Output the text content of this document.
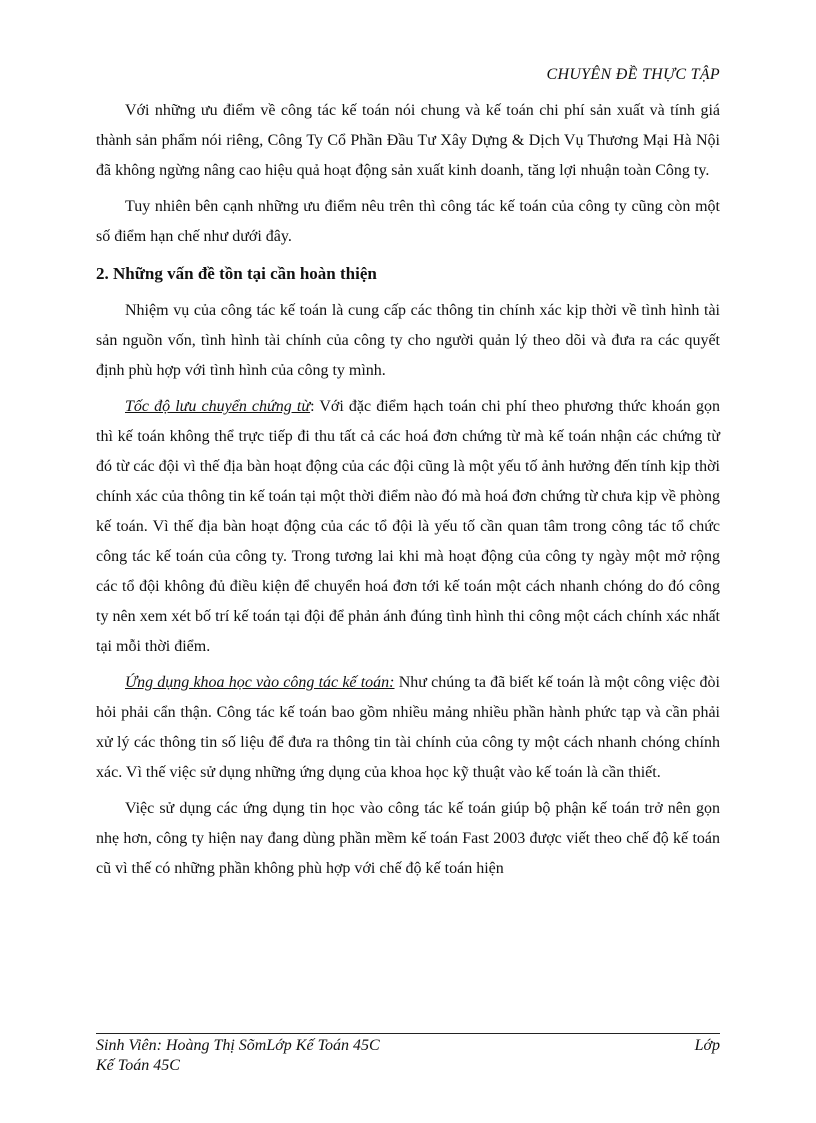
CHUYÊN ĐỀ THỰC TẬP

Với những ưu điểm về công tác kế toán nói chung và kế toán chi phí sản xuất và tính giá thành sản phẩm nói riêng, Công Ty Cổ Phần Đầu Tư Xây Dựng & Dịch Vụ Thương Mại Hà Nội đã không ngừng nâng cao hiệu quả hoạt động sản xuất kinh doanh, tăng lợi nhuận toàn Công ty.

Tuy nhiên bên cạnh những ưu điểm nêu trên thì công tác kế toán của công ty cũng còn một số điểm hạn chế như dưới đây.

2. Những vấn đề tồn tại cần hoàn thiện

Nhiệm vụ của công tác kế toán là cung cấp các thông tin chính xác kịp thời về tình hình tài sản nguồn vốn, tình hình tài chính của công ty cho người quản lý theo dõi và đưa ra các quyết định phù hợp với tình hình của công ty mình.

Tốc độ lưu chuyển chứng từ: Với đặc điểm hạch toán chi phí theo phương thức khoán gọn thì kế toán không thể trực tiếp đi thu tất cả các hoá đơn chứng từ mà kế toán nhận các chứng từ đó từ các đội vì thế địa bàn hoạt động của các đội cũng là một yếu tố ảnh hưởng đến tính kịp thời chính xác của thông tin kế toán tại một thời điểm nào đó mà hoá đơn chứng từ chưa kịp về phòng kế toán. Vì thế địa bàn hoạt động của các tổ đội là yếu tố cần quan tâm trong công tác tổ chức công tác kế toán của công ty. Trong tương lai khi mà hoạt động của công ty ngày một mở rộng các tổ đội không đủ điều kiện để chuyển hoá đơn tới kế toán một cách nhanh chóng do đó công ty nên xem xét bố trí kế toán tại đội để phản ánh đúng tình hình thi công một cách chính xác nhất tại mỗi thời điểm.

Ứng dụng khoa học vào công tác kế toán: Như chúng ta đã biết kế toán là một công việc đòi hỏi phải cẩn thận. Công tác kế toán bao gồm nhiều mảng nhiều phần hành phức tạp và cần phải xử lý các thông tin số liệu để đưa ra thông tin tài chính của công ty một cách nhanh chóng chính xác. Vì thế việc sử dụng những ứng dụng của khoa học kỹ thuật vào kế toán là cần thiết.

Việc sử dụng các ứng dụng tin học vào công tác kế toán giúp bộ phận kế toán trở nên gọn nhẹ hơn, công ty hiện nay đang dùng phần mềm kế toán Fast 2003 được viết theo chế độ kế toán cũ vì thế có những phần không phù hợp với chế độ kế toán hiện

Sinh Viên: Hoàng Thị SõmLớp Kế Toán 45C	Lớp
Kế Toán 45C
